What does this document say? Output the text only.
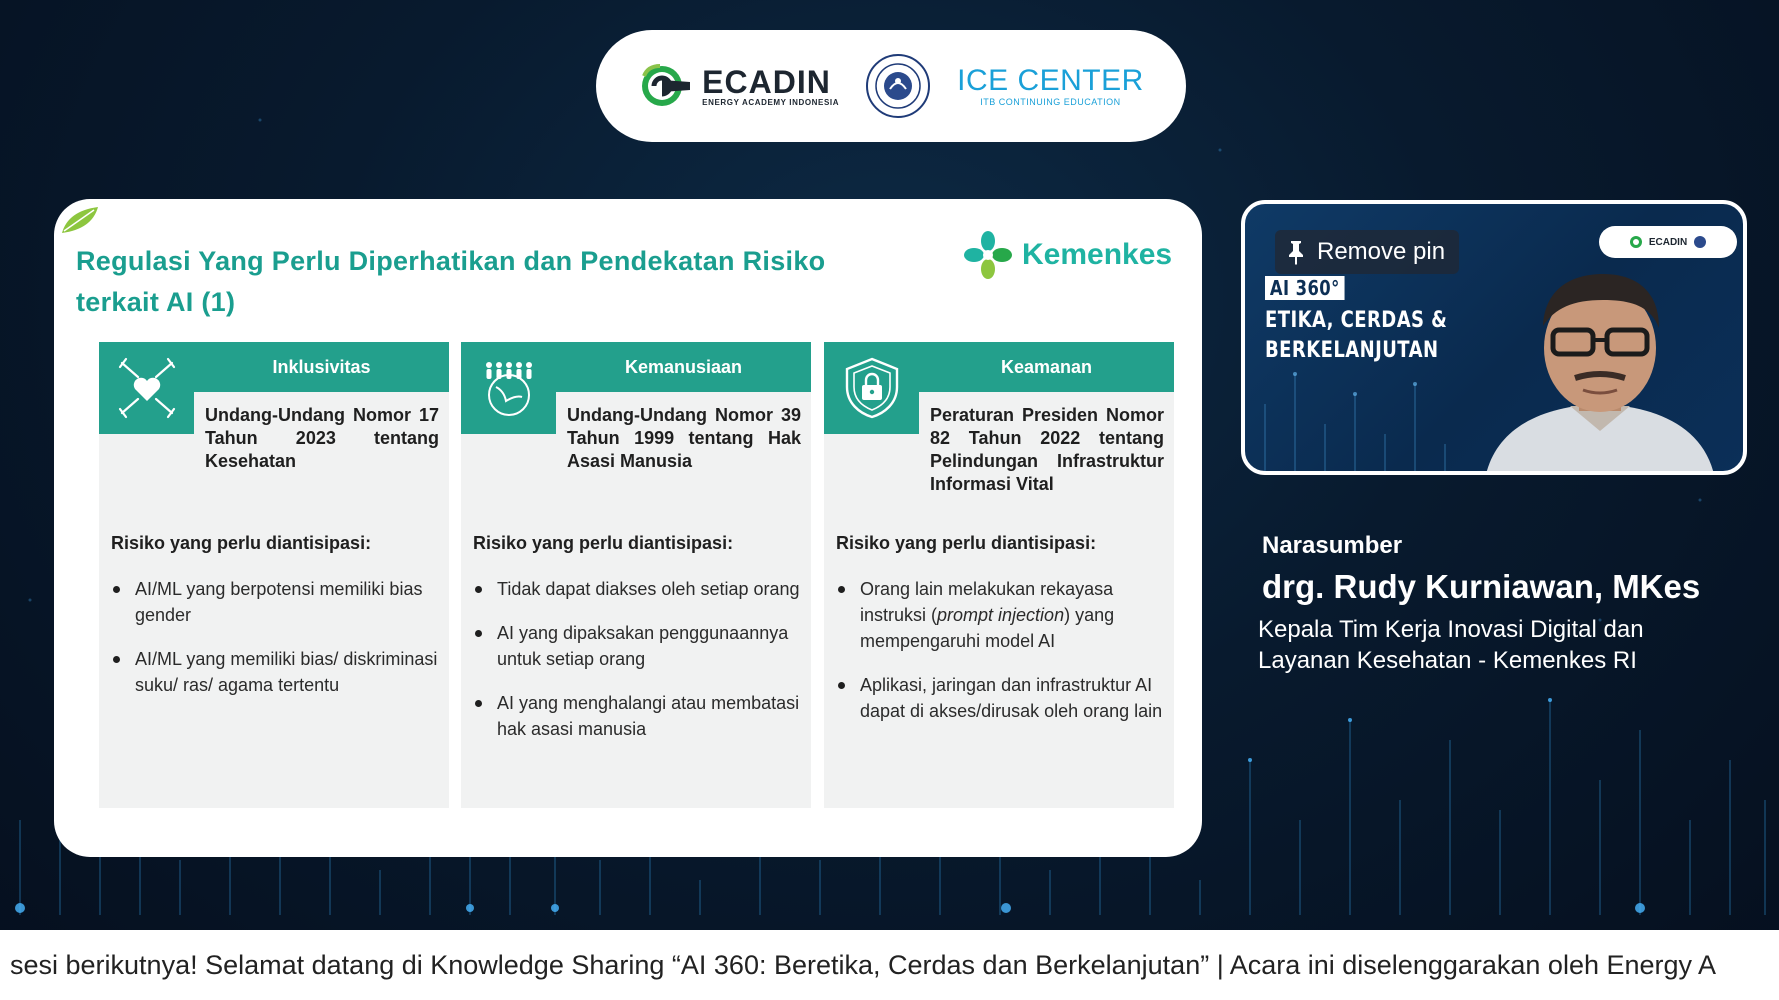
ECADIN
ENERGY ACADEMY INDONESIA
ICE CENTER
ITB CONTINUING EDUCATION
Regulasi Yang Perlu Diperhatikan dan Pendekatan Risiko terkait AI (1)
Kemenkes
Inklusivitas
Undang-Undang Nomor 17 Tahun 2023 tentang Kesehatan
Risiko yang perlu diantisipasi:
AI/ML yang berpotensi memiliki bias gender
AI/ML yang memiliki bias/ diskriminasi suku/ ras/ agama tertentu
Kemanusiaan
Undang-Undang Nomor 39 Tahun 1999 tentang Hak Asasi Manusia
Risiko yang perlu diantisipasi:
Tidak dapat diakses oleh setiap orang
AI yang dipaksakan penggunaannya untuk setiap orang
AI yang menghalangi atau membatasi hak asasi manusia
Keamanan
Peraturan Presiden Nomor 82 Tahun 2022 tentang Pelindungan Infrastruktur Informasi Vital
Risiko yang perlu diantisipasi:
Orang lain melakukan rekayasa instruksi (prompt injection) yang mempengaruhi model AI
Aplikasi, jaringan dan infrastruktur AI dapat di akses/dirusak oleh orang lain
AI 360°
ETIKA, CERDAS &
BERKELANJUTAN
ECADIN
Remove pin
Narasumber
drg. Rudy Kurniawan, MKes
Kepala Tim Kerja Inovasi Digital dan
Layanan Kesehatan - Kemenkes RI
sesi berikutnya! Selamat datang di Knowledge Sharing “AI 360: Beretika, Cerdas dan Berkelanjutan” | Acara ini diselenggarakan oleh Energy A
